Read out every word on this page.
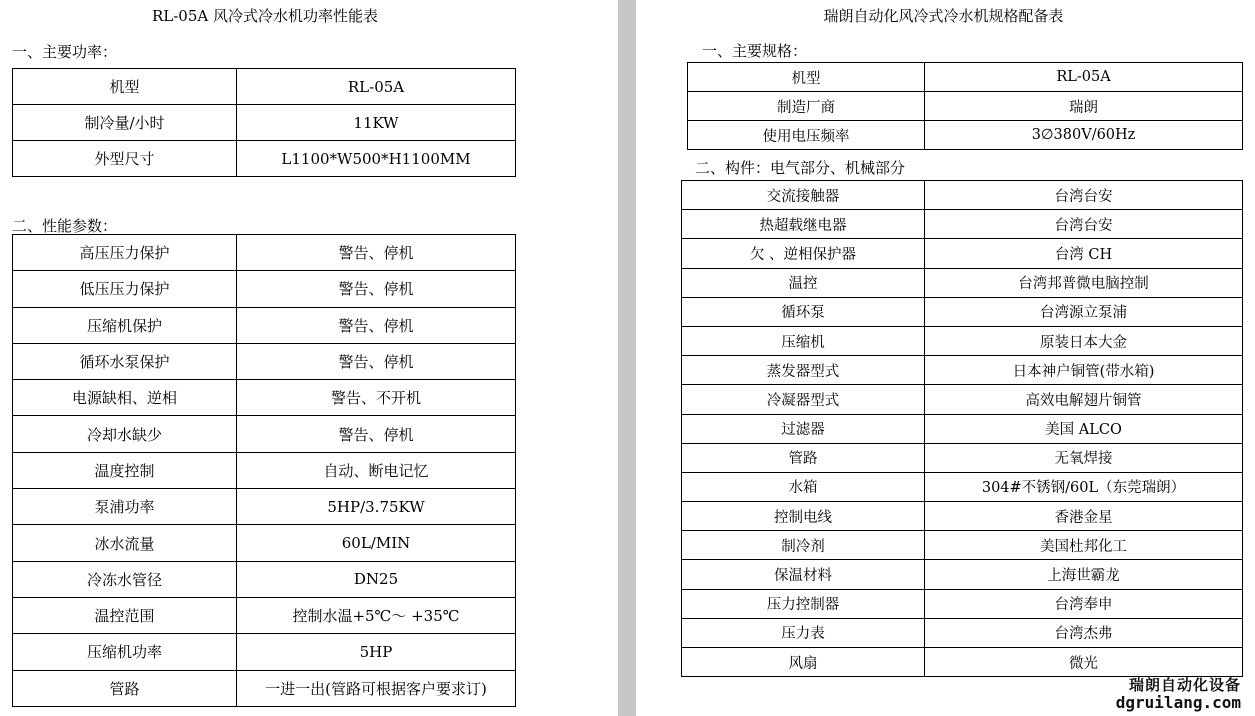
RL-05A 风冷式冷水机功率性能表
一、主要功率：
机型	RL-05A
制冷量/小时	11KW
外型尺寸	L1100*W500*H1100MM
二、性能参数：
高压压力保护	警告、停机
低压压力保护	警告、停机
压缩机保护	警告、停机
循环水泵保护	警告、停机
电源缺相、逆相	警告、不开机
冷却水缺少	警告、停机
温度控制	自动、断电记忆
泵浦功率	5HP/3.75KW
冰水流量	60L/MIN
冷冻水管径	DN25
温控范围	控制水温+5℃～ +35℃
压缩机功率	5HP
管路	一进一出(管路可根据客户要求订)
瑞朗自动化风冷式冷水机规格配备表
一、主要规格：
机型	RL-05A
制造厂商	瑞朗
使用电压频率	3∅380V/60Hz
二、构件：电气部分、机械部分
交流接触器	台湾台安
热超载继电器	台湾台安
欠 、逆相保护器	台湾 CH
温控	台湾邦普微电脑控制
循环泵	台湾源立泵浦
压缩机	原装日本大金
蒸发器型式	日本神户铜管(带水箱)
冷凝器型式	高效电解翅片铜管
过滤器	美国 ALCO
管路	无氧焊接
水箱	304#不锈钢/60L（东莞瑞朗）
控制电线	香港金星
制冷剂	美国杜邦化工
保温材料	上海世霸龙
压力控制器	台湾奉申
压力表	台湾杰弗
风扇	微光
瑞朗自动化设备
dgruilang.com
